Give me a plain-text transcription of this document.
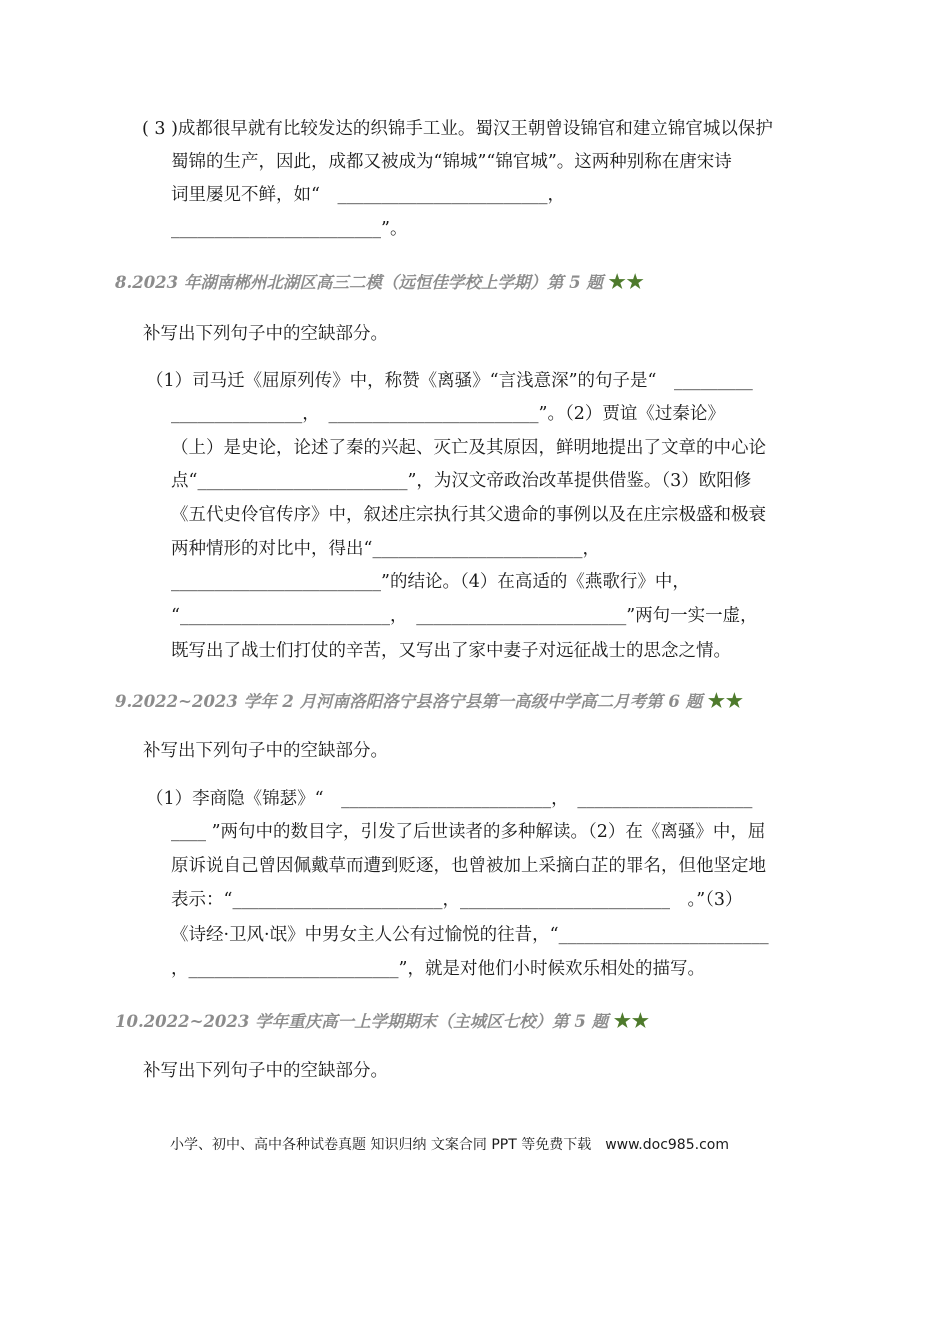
( 3 )成都很早就有比较发达的织锦手工业。蜀汉王朝曾设锦官和建立锦官城以保护
蜀锦的生产，因此，成都又被成为“锦城”“锦官城”。这两种别称在唐宋诗
词里屡见不鲜，如“　________________________，
________________________”。
8.2023 年湖南郴州北湖区高三二模（远恒佳学校上学期）第 5 题 ★★
补写出下列句子中的空缺部分。
（1）司马迁《屈原列传》中，称赞《离骚》“言浅意深”的句子是“　_________
_______________，　________________________”。（2）贾谊《过秦论》
（上）是史论，论述了秦的兴起、灭亡及其原因，鲜明地提出了文章的中心论
点“________________________”，为汉文帝政治改革提供借鉴。（3）欧阳修
《五代史伶官传序》中，叙述庄宗执行其父遗命的事例以及在庄宗极盛和极衰
两种情形的对比中，得出“________________________，
________________________”的结论。（4）在高适的《燕歌行》中，
“________________________，　________________________”两句一实一虚，
既写出了战士们打仗的辛苦，又写出了家中妻子对远征战士的思念之情。
9.2022~2023 学年 2 月河南洛阳洛宁县洛宁县第一高级中学高二月考第 6 题 ★★
补写出下列句子中的空缺部分。
（1）李商隐《锦瑟》“　________________________，　____________________
____ ”两句中的数目字，引发了后世读者的多种解读。（2）在《离骚》中，屈
原诉说自己曾因佩戴草而遭到贬逐，也曾被加上采摘白芷的罪名，但他坚定地
表示：“________________________，________________________　。”（3）
《诗经·卫风·氓》中男女主人公有过愉悦的往昔，“________________________
，________________________”，就是对他们小时候欢乐相处的描写。
10.2022~2023 学年重庆高一上学期期末（主城区七校）第 5 题 ★★
补写出下列句子中的空缺部分。
小学、初中、高中各种试卷真题 知识归纳 文案合同 PPT 等免费下载　www.doc985.com
